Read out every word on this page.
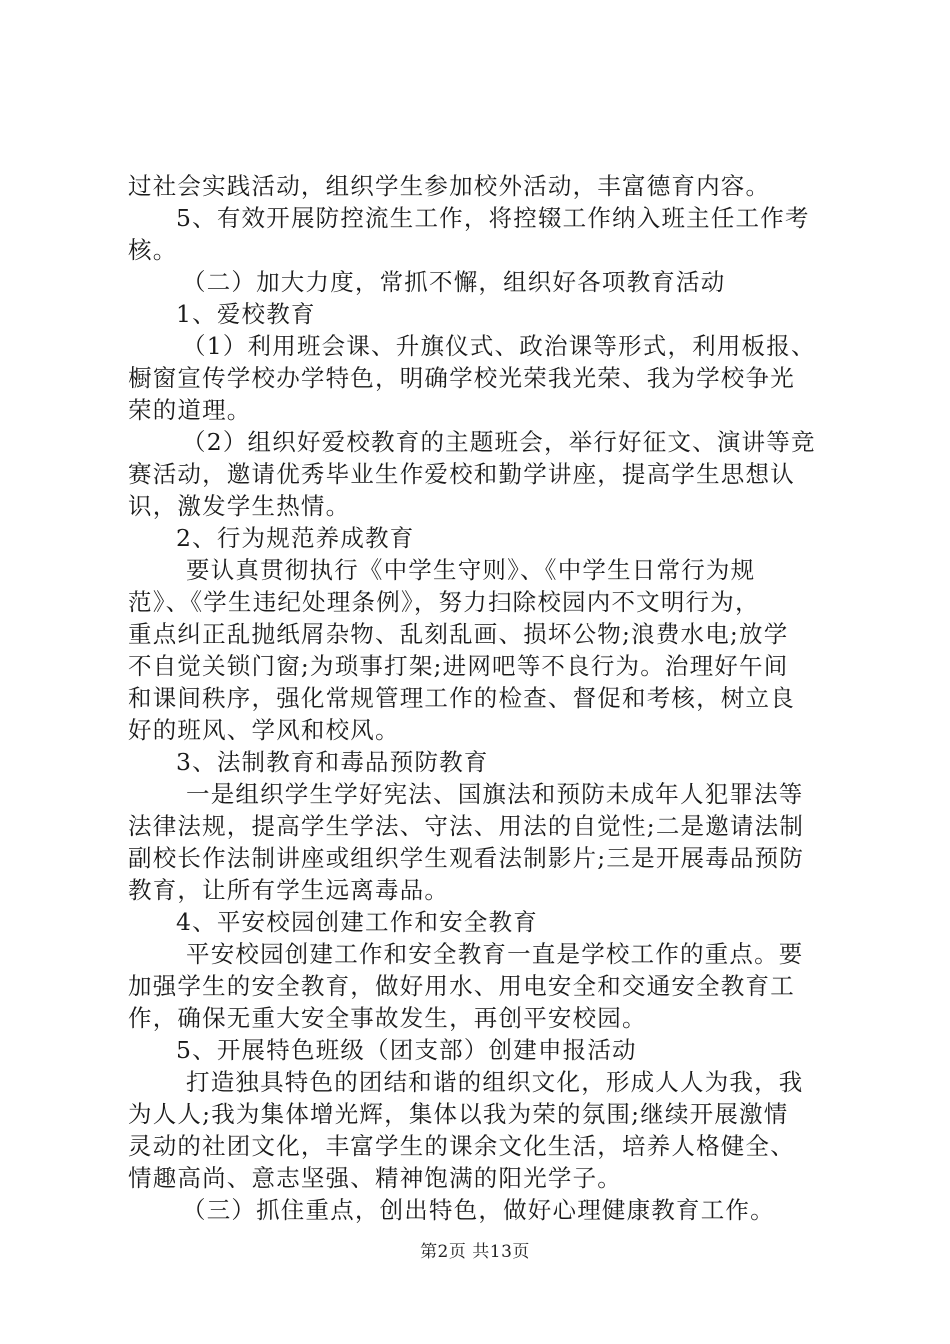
过社会实践活动，组织学生参加校外活动，丰富德育内容。
5、有效开展防控流生工作，将控辍工作纳入班主任工作考
核。
（二）加大力度，常抓不懈，组织好各项教育活动
1、爱校教育
（1）利用班会课、升旗仪式、政治课等形式，利用板报、
橱窗宣传学校办学特色，明确学校光荣我光荣、我为学校争光
荣的道理。
（2）组织好爱校教育的主题班会，举行好征文、演讲等竞
赛活动，邀请优秀毕业生作爱校和勤学讲座，提高学生思想认
识，激发学生热情。
2、行为规范养成教育
要认真贯彻执行《中学生守则》、《中学生日常行为规
范》、《学生违纪处理条例》，努力扫除校园内不文明行为，
重点纠正乱抛纸屑杂物、乱刻乱画、损坏公物;浪费水电;放学
不自觉关锁门窗;为琐事打架;进网吧等不良行为。治理好午间
和课间秩序，强化常规管理工作的检查、督促和考核，树立良
好的班风、学风和校风。
3、法制教育和毒品预防教育
一是组织学生学好宪法、国旗法和预防未成年人犯罪法等
法律法规，提高学生学法、守法、用法的自觉性;二是邀请法制
副校长作法制讲座或组织学生观看法制影片;三是开展毒品预防
教育，让所有学生远离毒品。
4、平安校园创建工作和安全教育
平安校园创建工作和安全教育一直是学校工作的重点。要
加强学生的安全教育，做好用水、用电安全和交通安全教育工
作，确保无重大安全事故发生，再创平安校园。
5、开展特色班级（团支部）创建申报活动
打造独具特色的团结和谐的组织文化，形成人人为我，我
为人人;我为集体增光辉，集体以我为荣的氛围;继续开展激情
灵动的社团文化，丰富学生的课余文化生活，培养人格健全、
情趣高尚、意志坚强、精神饱满的阳光学子。
（三）抓住重点，创出特色，做好心理健康教育工作。
第2页 共13页
